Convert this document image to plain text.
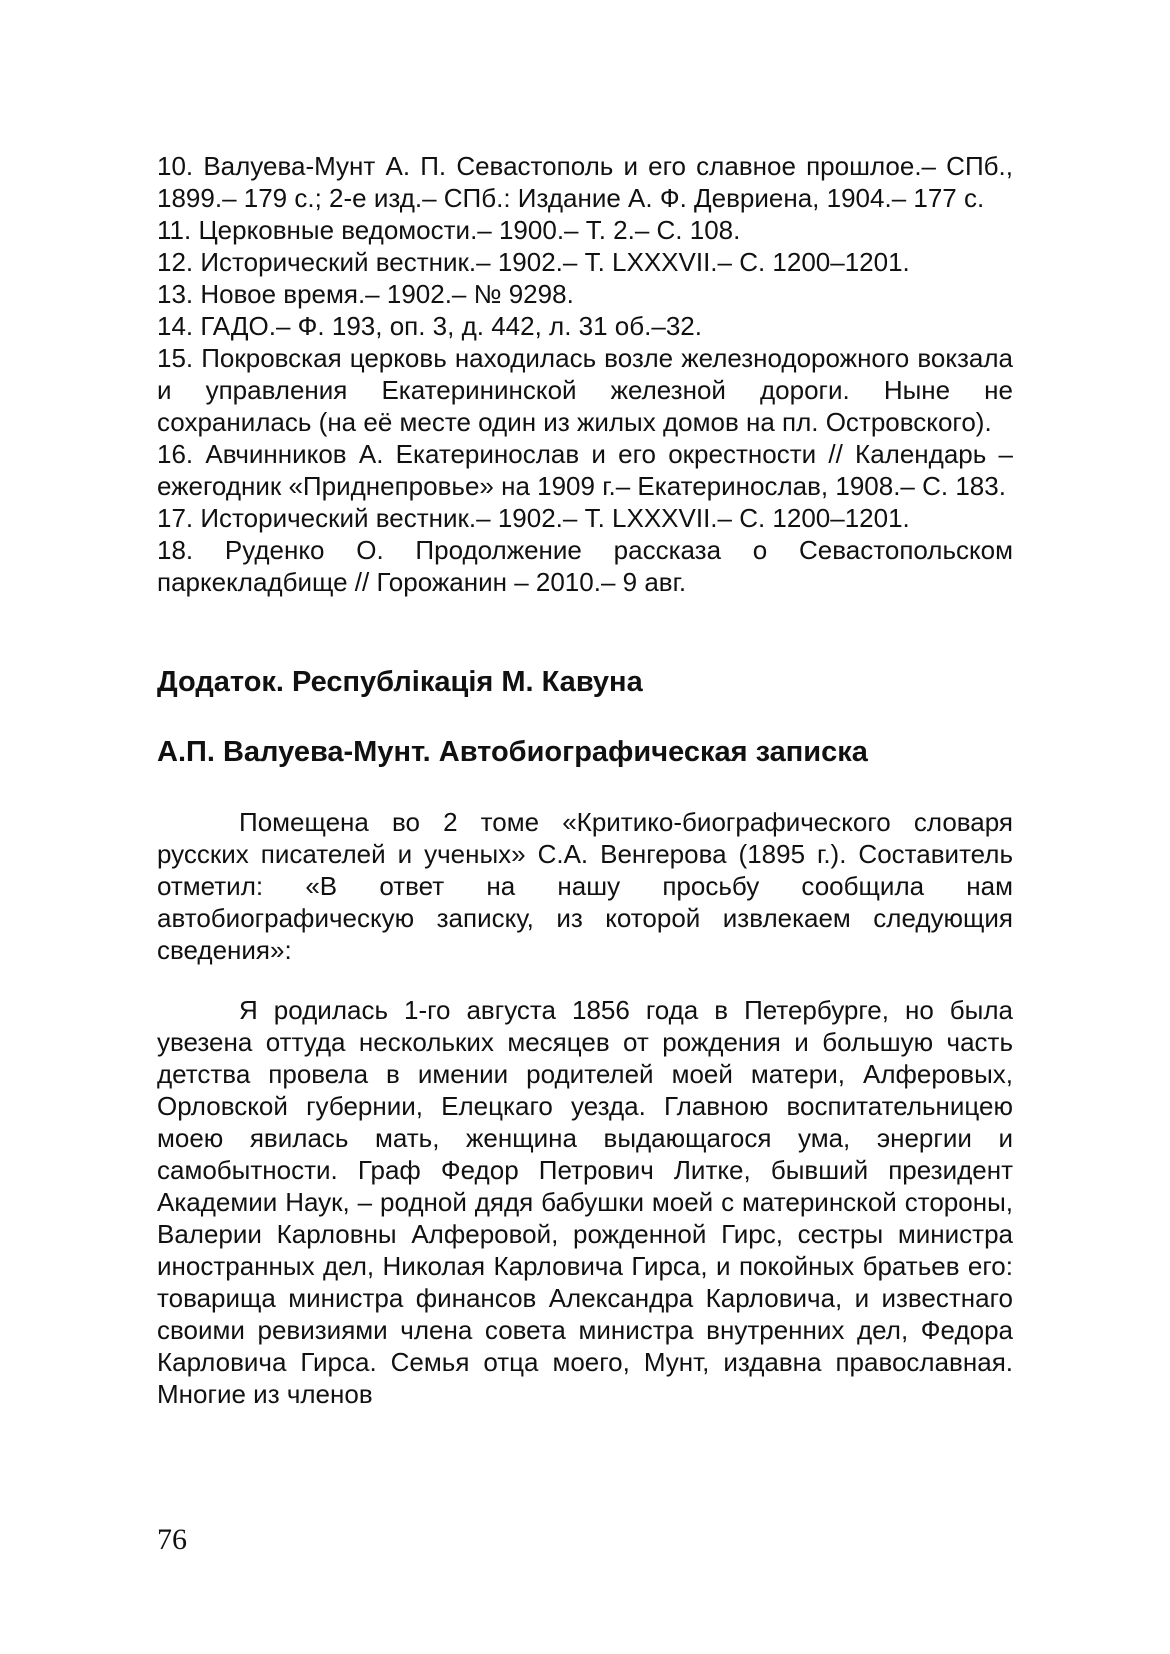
10. Валуева-Мунт А. П. Севастополь и его славное прошлое.– СПб., 1899.– 179 с.; 2-е изд.– СПб.: Издание А. Ф. Девриена, 1904.– 177 с.

11. Церковные ведомости.– 1900.– Т. 2.– С. 108.

12. Исторический вестник.– 1902.– Т. LXXXVII.– С. 1200–1201.

13. Новое время.– 1902.– № 9298.

14. ГАДО.– Ф. 193, оп. 3, д. 442, л. 31 об.–32.

15. Покровская церковь находилась возле железнодорожного вокзала и управления Екатерининской железной дороги. Ныне не сохранилась (на её месте один из жилых домов на пл. Островского).

16. Авчинников А. Екатеринослав и его окрестности // Календарь – ежегодник «Приднепровье» на 1909 г.– Екатеринослав, 1908.– С. 183.

17. Исторический вестник.– 1902.– Т. LXXXVII.– С. 1200–1201.

18. Руденко О. Продолжение рассказа о Севастопольском паркекладбище // Горожанин – 2010.– 9 авг.

Додаток. Республікація М. Кавуна
А.П. Валуева-Мунт. Автобиографическая записка

Помещена во 2 томе «Критико-биографического словаря русских писателей и ученых» С.А. Венгерова (1895 г.). Составитель отметил: «В ответ на нашу просьбу сообщила нам автобиографическую записку, из которой извлекаем следующия сведения»:

Я родилась 1-го августа 1856 года в Петербурге, но была увезена оттуда нескольких месяцев от рождения и большую часть детства провела в имении родителей моей матери, Алферовых, Орловской губернии, Елецкаго уезда. Главною воспитательницею моею явилась мать, женщина выдающагося ума, энергии и самобытности. Граф Федор Петрович Литке, бывший президент Академии Наук, – родной дядя бабушки моей с материнской стороны, Валерии Карловны Алферовой, рожденной Гирс, сестры министра иностранных дел, Николая Карловича Гирса, и покойных братьев его: товарища министра финансов Александра Карловича, и известнаго своими ревизиями члена совета министра внутренних дел, Федора Карловича Гирса. Семья отца моего, Мунт, издавна православная. Многие из членов

76
